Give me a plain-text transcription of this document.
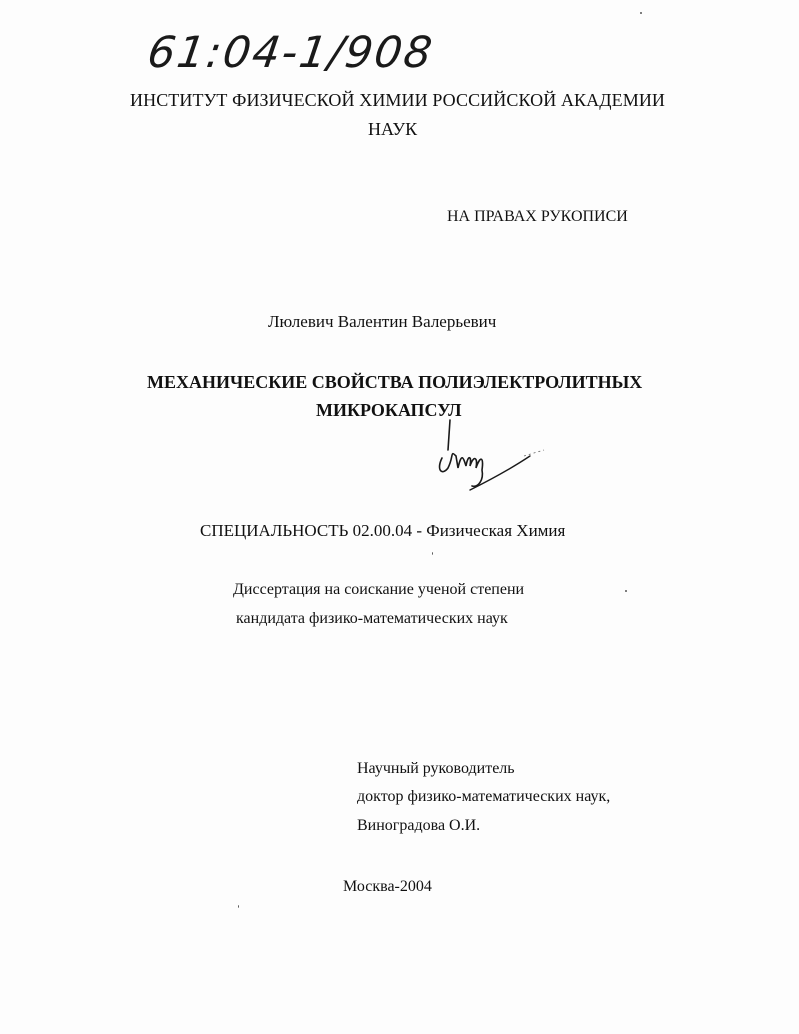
61:04-1/908
ИНСТИТУТ ФИЗИЧЕСКОЙ ХИМИИ РОССИЙСКОЙ АКАДЕМИИ
НАУК
НА ПРАВАХ РУКОПИСИ
Люлевич Валентин Валерьевич
МЕХАНИЧЕСКИЕ СВОЙСТВА ПОЛИЭЛЕКТРОЛИТНЫХ
МИКРОКАПСУЛ
СПЕЦИАЛЬНОСТЬ 02.00.04 - Физическая Химия
Диссертация на соискание ученой степени
кандидата физико-математических наук
Научный руководитель
доктор физико-математических наук,
Виноградова О.И.
Москва-2004
